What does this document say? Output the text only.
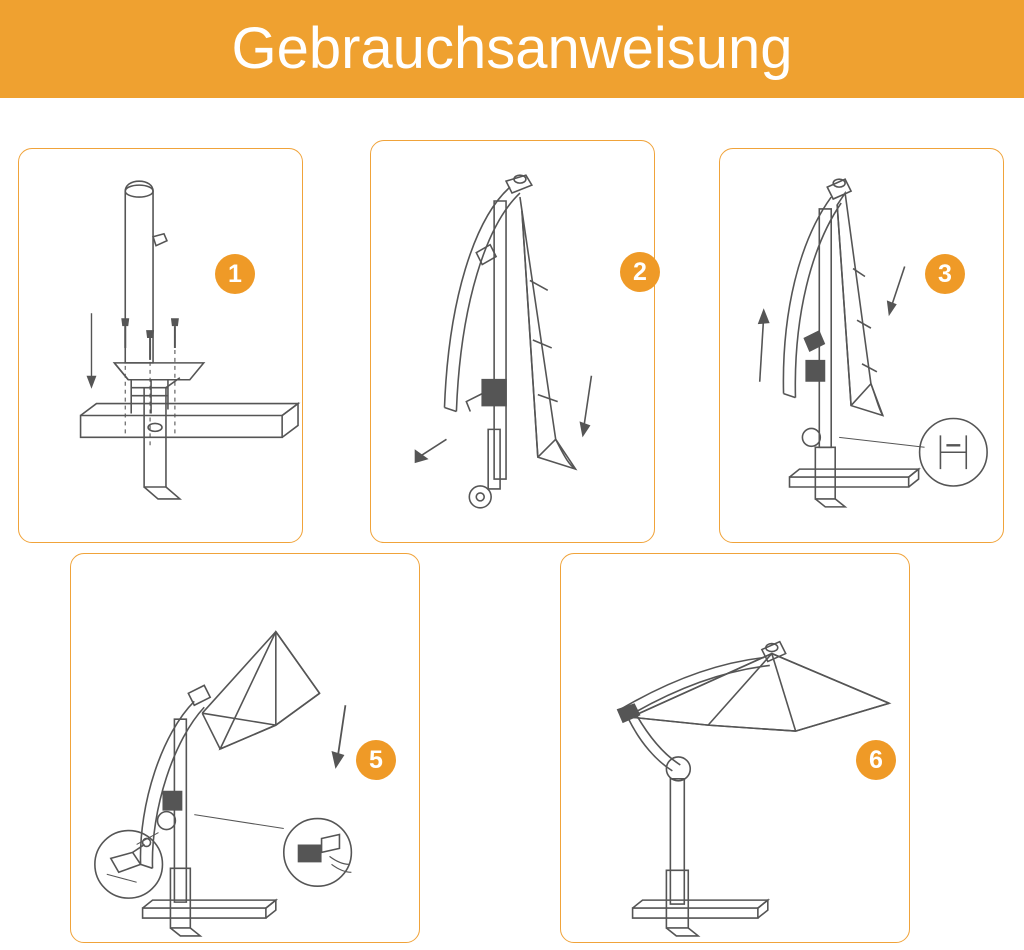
Gebrauchsanweisung
1	2	3
5	6
